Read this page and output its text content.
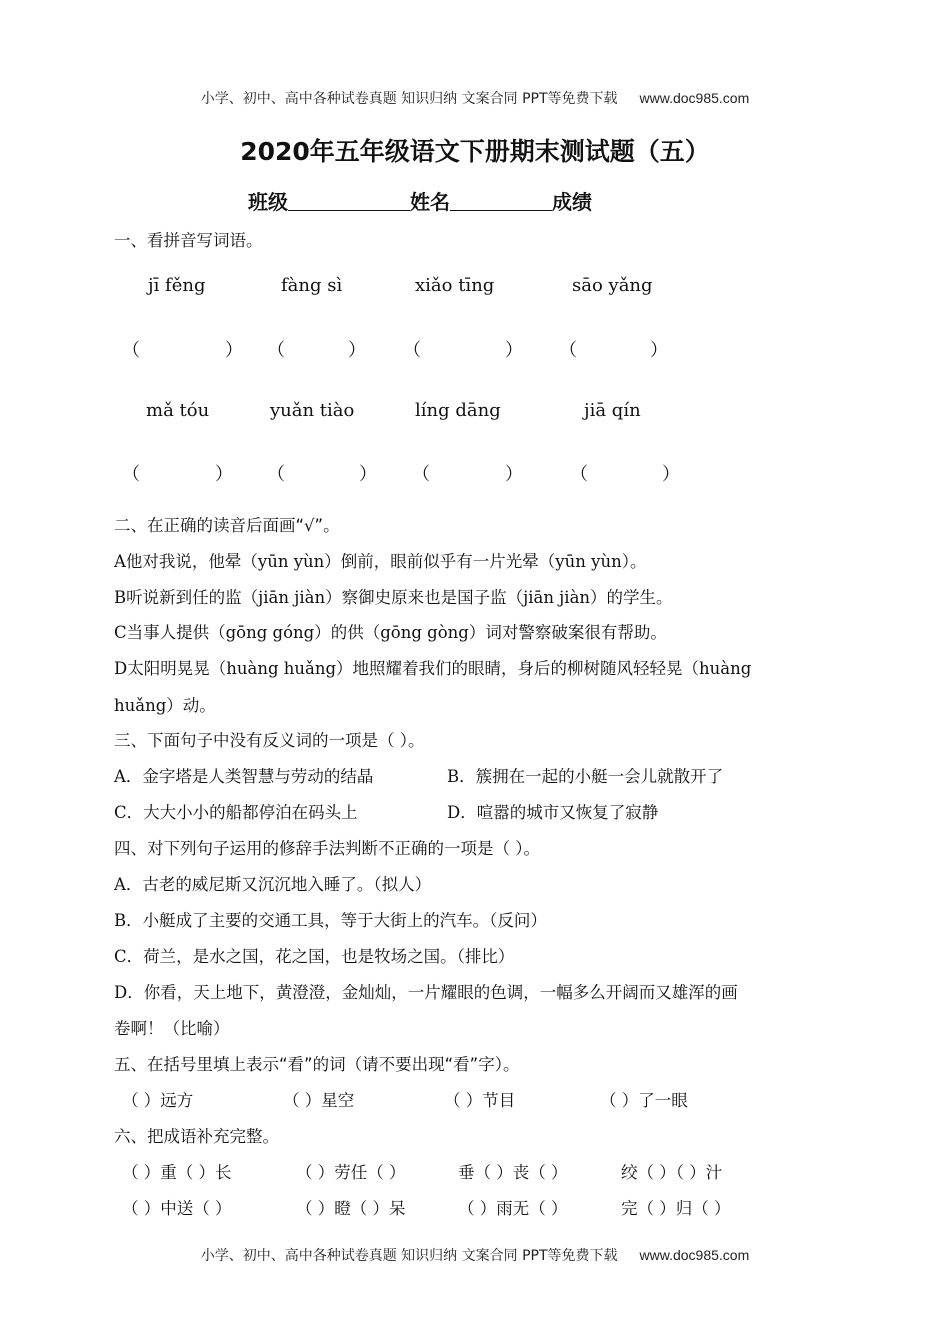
小学、初中、高中各种试卷真题 知识归纳 文案合同 PPT等免费下载 www.doc985.com
2020年五年级语文下册期末测试题（五）
班级	姓名	成绩
一、看拼音写词语。
jī fěng	fàng sì	xiǎo tīng	sāo yǎng
（	） （	） （	） （	）
mǎ tóu	yuǎn tiào	líng dāng	jiā qín
（	） （	） （	）	（	）
二、在正确的读音后面画“√”。
A他对我说，他晕（yūn yùn）倒前，眼前似乎有一片光晕（yūn yùn）。
B听说新到任的监（jiān jiàn）察御史原来也是国子监（jiān jiàn）的学生。
C当事人提供（gōng góng）的供（gōng gòng）词对警察破案很有帮助。
D太阳明晃晃（huàng huǎng）地照耀着我们的眼睛，身后的柳树随风轻轻晃（huàng
huǎng）动。
三、下面句子中没有反义词的一项是（ ）。
A．金字塔是人类智慧与劳动的结晶	B．簇拥在一起的小艇一会儿就散开了
C．大大小小的船都停泊在码头上	D．喧嚣的城市又恢复了寂静
四、对下列句子运用的修辞手法判断不正确的一项是（ ）。
A．古老的威尼斯又沉沉地入睡了。（拟人）
B．小艇成了主要的交通工具，等于大街上的汽车。（反问）
C．荷兰，是水之国，花之国，也是牧场之国。（排比）
D．你看，天上地下，黄澄澄，金灿灿，一片耀眼的色调，一幅多么开阔而又雄浑的画
卷啊！（比喻）
五、在括号里填上表示“看”的词（请不要出现“看”字）。
（ ）远方	（ ）星空	（ ）节目	（ ）了一眼
六、把成语补充完整。
（ ）重（ ）长	（ ）劳任（ ）	垂（ ）丧（ ）	绞（ ）（ ）汁
（ ）中送（ ）	（ ）瞪（ ）呆	（ ）雨无（ ）	完（ ）归（ ）
小学、初中、高中各种试卷真题 知识归纳 文案合同 PPT等免费下载 www.doc985.com
